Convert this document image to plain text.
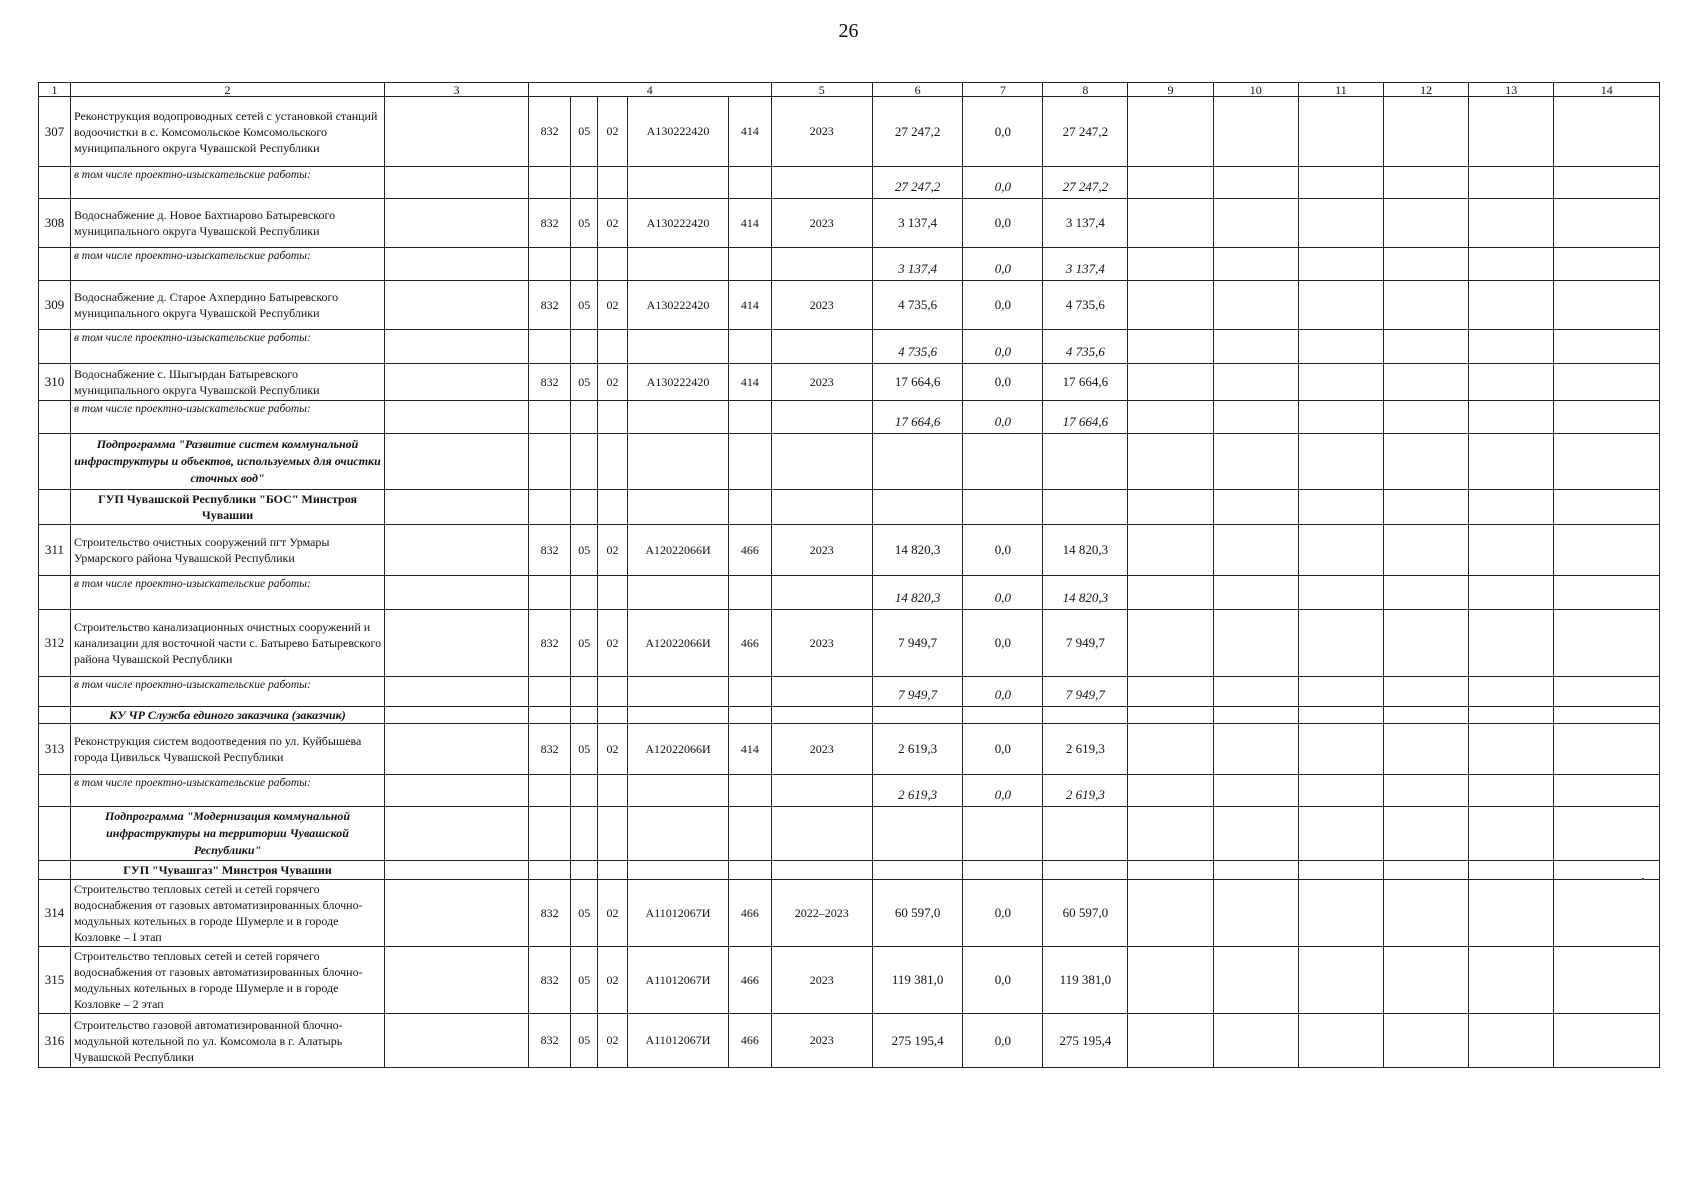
26
1	2	3	4					5	6	7	8	9	10	11	12	13	14
307	Реконструкция водопроводных сетей с установкой станций водоочистки в с. Комсомольское Комсомольского муниципального округа Чувашской Республики		832	05	02	А130222420	414	2023	27 247,2	0,0	27 247,2						
	в том числе проектно-изыскательские работы:								27 247,2	0,0	27 247,2						
308	Водоснабжение д. Новое Бахтиарово Батыревского муниципального округа Чувашской Республики		832	05	02	А130222420	414	2023	3 137,4	0,0	3 137,4						
	в том числе проектно-изыскательские работы:								3 137,4	0,0	3 137,4						
309	Водоснабжение д. Старое Ахпердино Батыревского муниципального округа Чувашской Республики		832	05	02	А130222420	414	2023	4 735,6	0,0	4 735,6						
	в том числе проектно-изыскательские работы:								4 735,6	0,0	4 735,6						
310	Водоснабжение с. Шыгырдан Батыревского муниципального округа Чувашской Республики		832	05	02	А130222420	414	2023	17 664,6	0,0	17 664,6						
	в том числе проектно-изыскательские работы:								17 664,6	0,0	17 664,6						
	Подпрограмма "Развитие систем коммунальной инфраструктуры и объектов, используемых для очистки сточных вод"																
	ГУП Чувашской Республики "БОС" Минстроя Чувашии																
311	Строительство очистных сооружений пгт Урмары Урмарского района Чувашской Республики		832	05	02	А12022066И	466	2023	14 820,3	0,0	14 820,3						
	в том числе проектно-изыскательские работы:								14 820,3	0,0	14 820,3						
312	Строительство канализационных очистных сооружений и канализации для восточной части с. Батырево Батыревского района Чувашской Республики		832	05	02	А12022066И	466	2023	7 949,7	0,0	7 949,7						
	в том числе проектно-изыскательские работы:								7 949,7	0,0	7 949,7						
	КУ ЧР Служба единого заказчика (заказчик)																
313	Реконструкция систем водоотведения по ул. Куйбышева города Цивильск Чувашской Республики		832	05	02	А12022066И	414	2023	2 619,3	0,0	2 619,3						
	в том числе проектно-изыскательские работы:								2 619,3	0,0	2 619,3						
	Подпрограмма "Модернизация коммунальной инфраструктуры на территории Чувашской Республики"																
	ГУП "Чувашгаз" Минстроя Чувашии																
314	Строительство тепловых сетей и сетей горячего водоснабжения от газовых автоматизированных блочно-модульных котельных в городе Шумерле и в городе Козловке – I этап		832	05	02	А11012067И	466	2022–2023	60 597,0	0,0	60 597,0						
315	Строительство тепловых сетей и сетей горячего водоснабжения от газовых автоматизированных блочно-модульных котельных в городе Шумерле и в городе Козловке – 2 этап		832	05	02	А11012067И	466	2023	119 381,0	0,0	119 381,0						
316	Строительство газовой автоматизированной блочно-модульной котельной по ул. Комсомола в г. Алатырь Чувашской Республики		832	05	02	А11012067И	466	2023	275 195,4	0,0	275 195,4						
